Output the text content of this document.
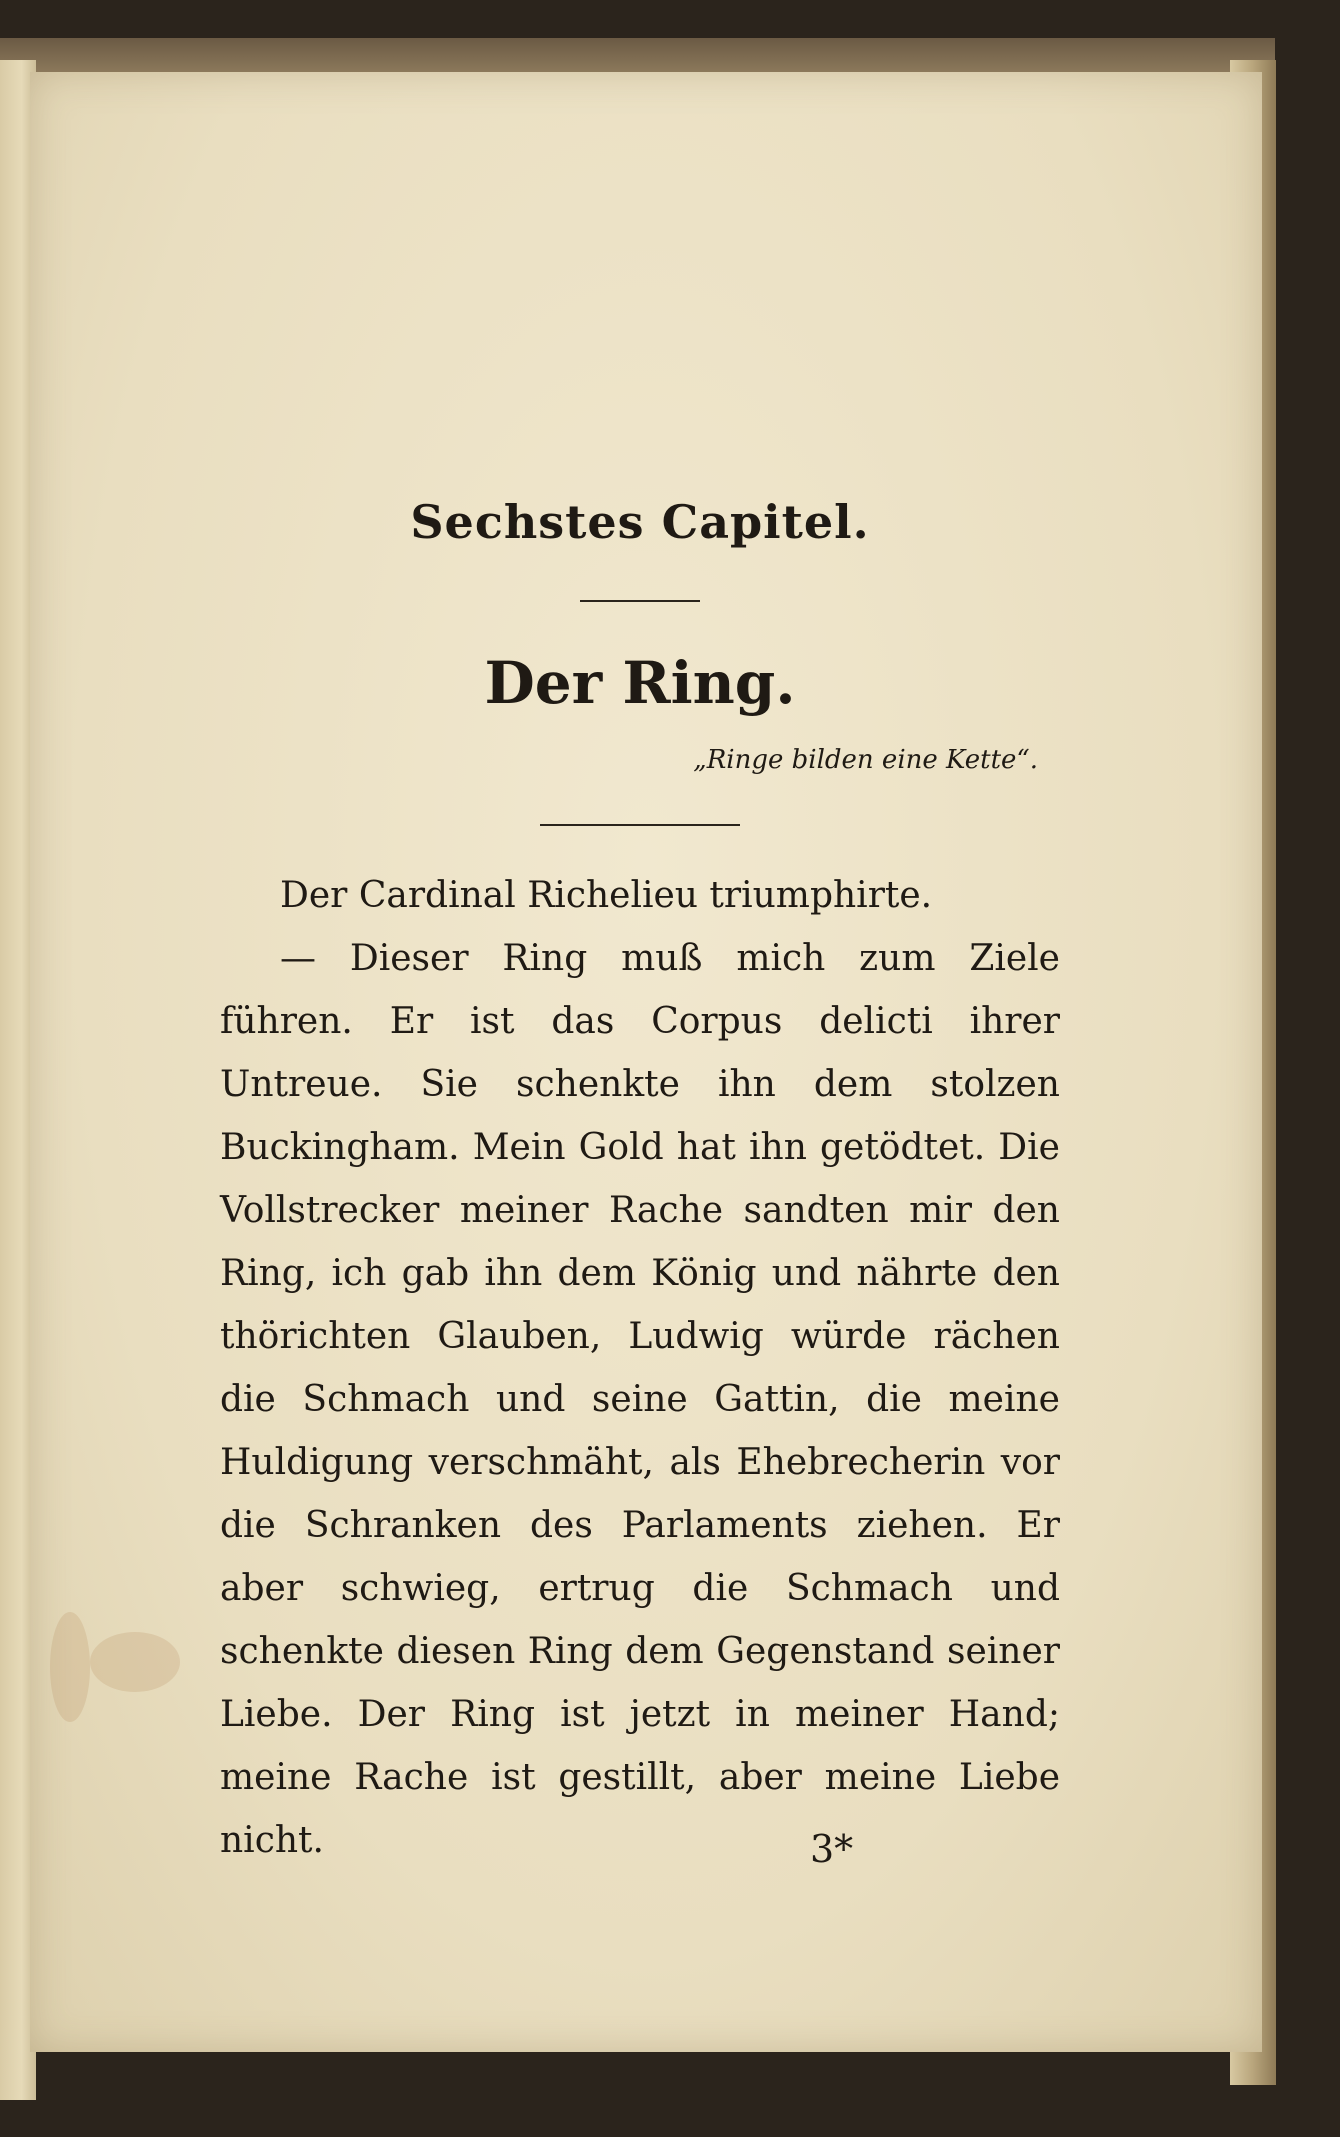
Sechstes Capitel.
Der Ring.

„Ringe bilden eine Kette“.

Der Cardinal Richelieu triumphirte.

— Dieser Ring muß mich zum Ziele führen. Er ist das Corpus delicti ihrer Untreue. Sie schenkte ihn dem stolzen Buckingham. Mein Gold hat ihn getödtet. Die Vollstrecker meiner Rache sandten mir den Ring, ich gab ihn dem König und nährte den thörichten Glauben, Ludwig würde rächen die Schmach und seine Gattin, die meine Huldigung verschmäht, als Ehebrecherin vor die Schranken des Parlaments ziehen. Er aber schwieg, ertrug die Schmach und schenkte diesen Ring dem Gegenstand seiner Liebe. Der Ring ist jetzt in meiner Hand; meine Rache ist gestillt, aber meine Liebe nicht.	3*
